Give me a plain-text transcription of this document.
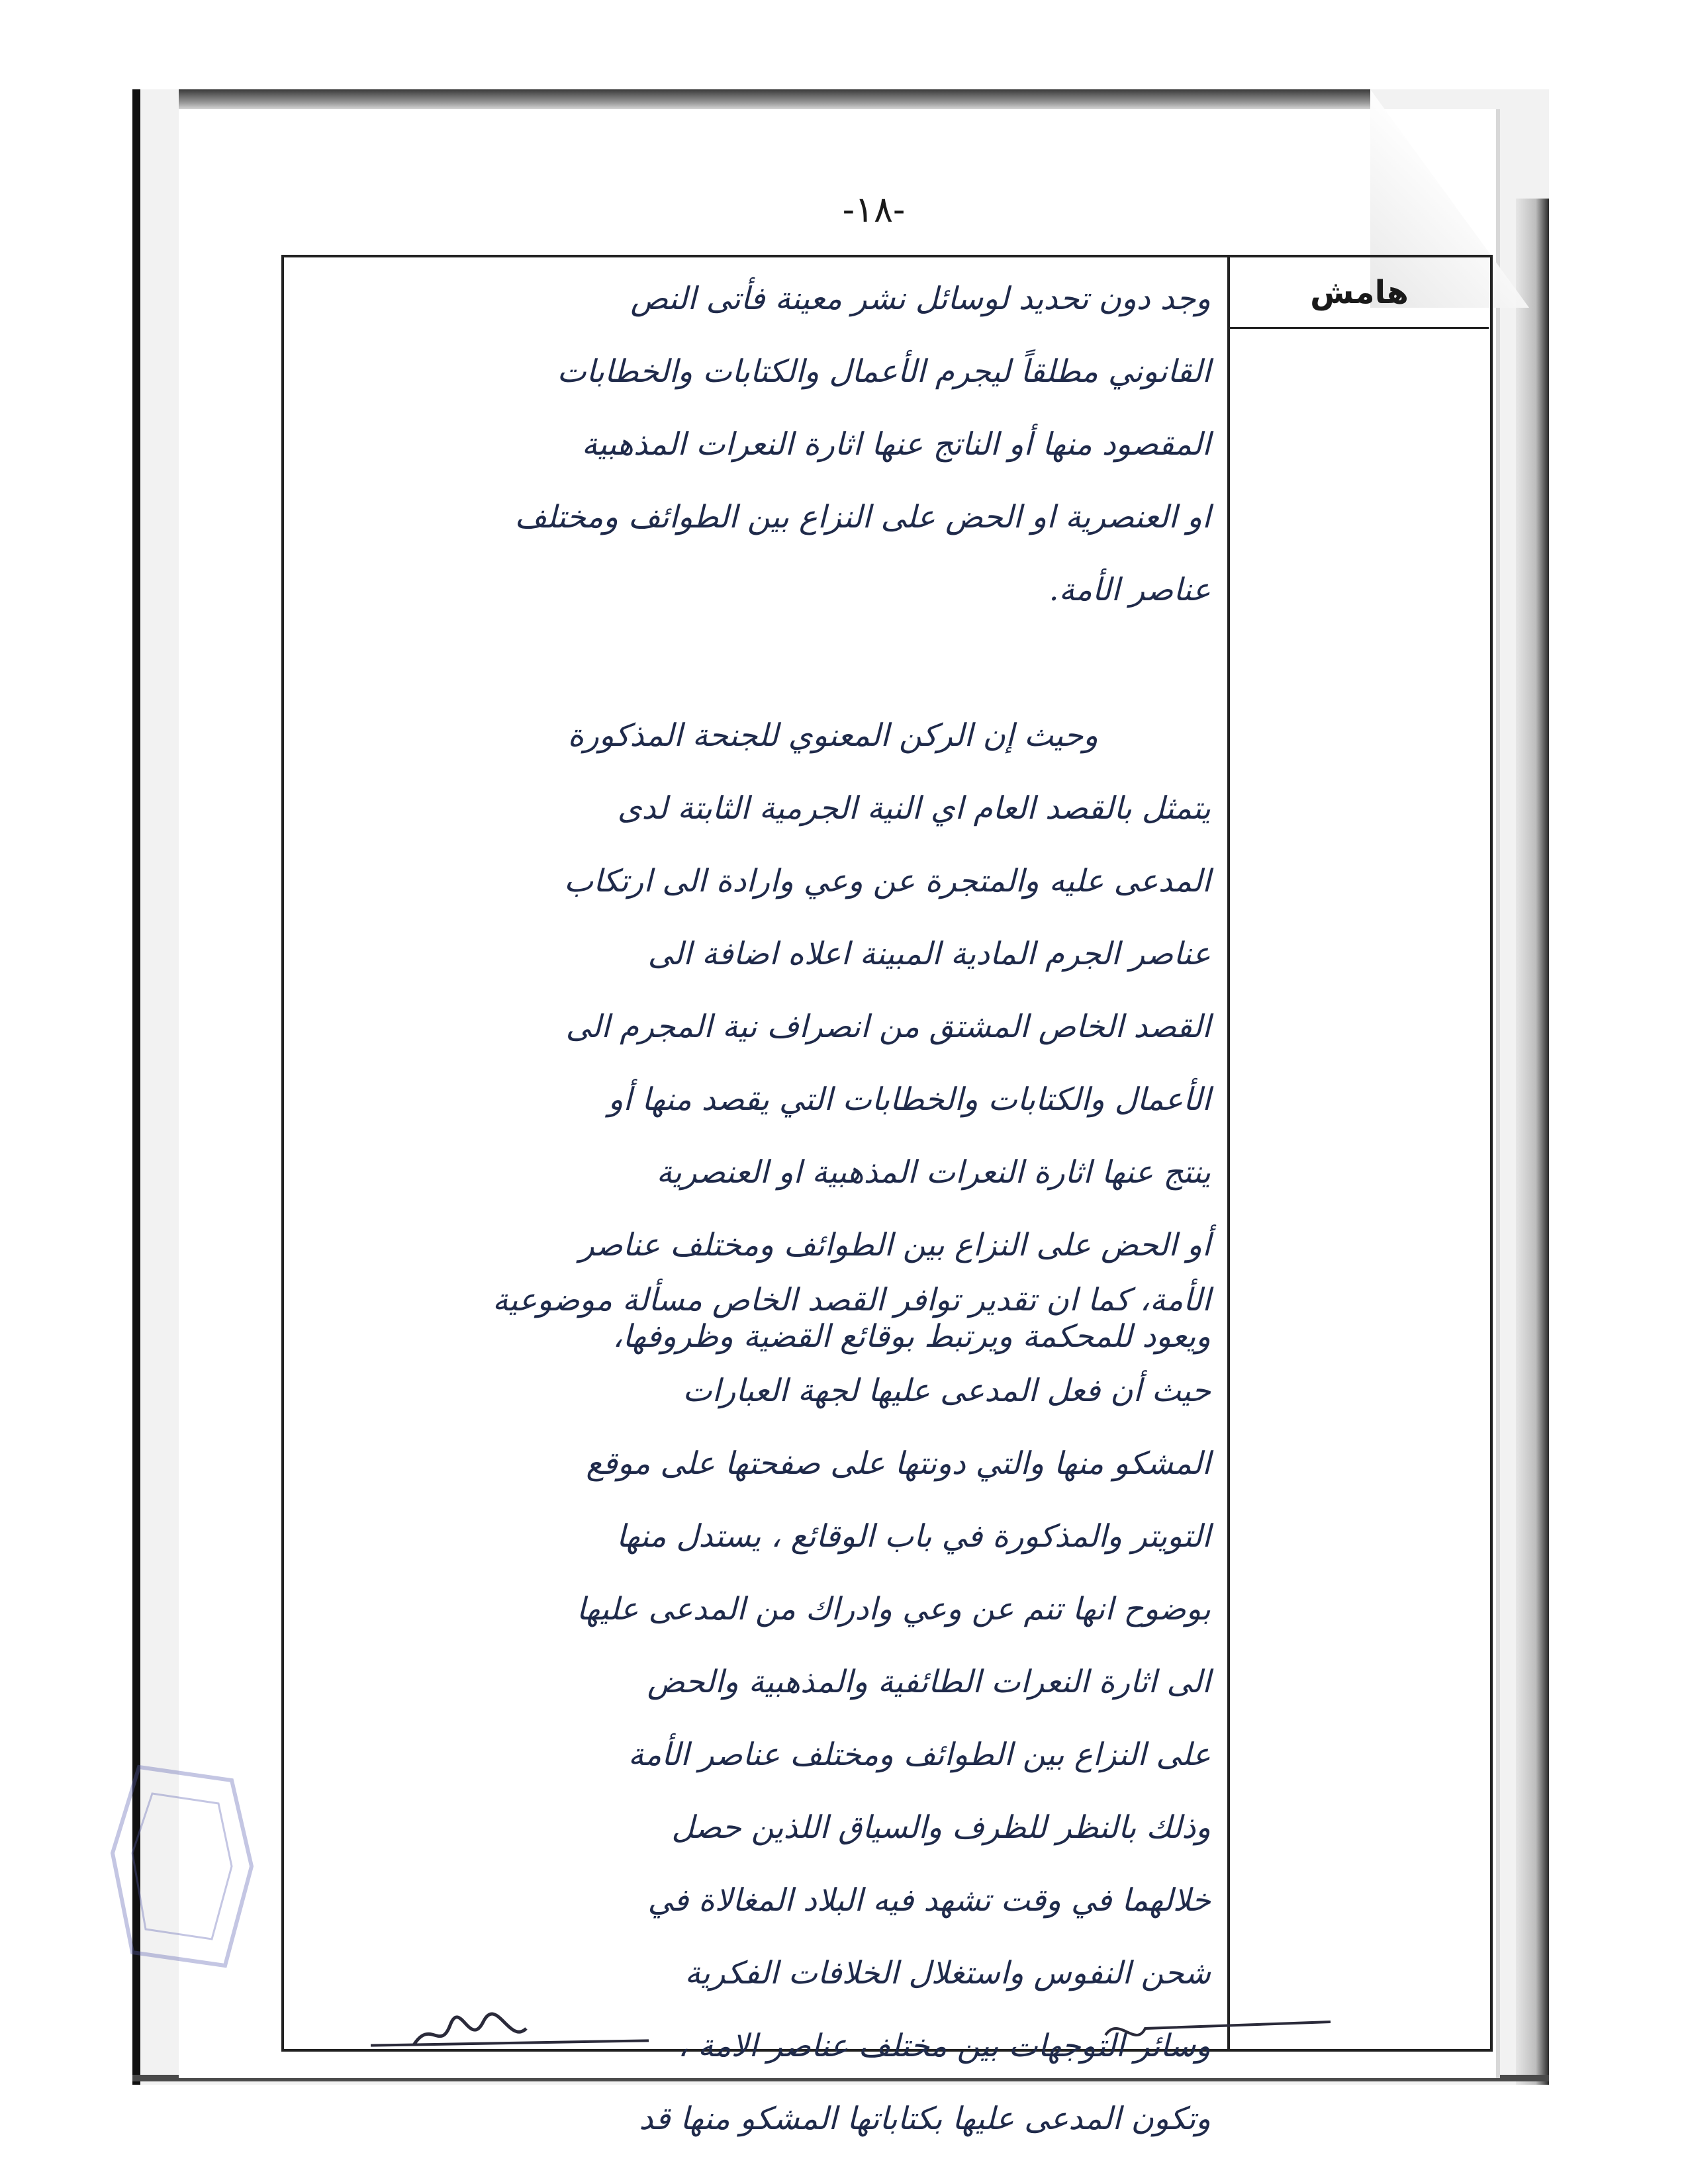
-١٨-
هامش
وجد دون تحديد لوسائل نشر معينة فأتى النص
القانوني مطلقاً ليجرم الأعمال والكتابات والخطابات
المقصود منها أو الناتج عنها اثارة النعرات المذهبية
او العنصرية او الحض على النزاع بين الطوائف ومختلف
عناصر الأمة.
وحيث إن الركن المعنوي للجنحة المذكورة
يتمثل بالقصد العام اي النية الجرمية الثابتة لدى
المدعى عليه والمتجرة عن وعي وارادة الى ارتكاب
عناصر الجرم المادية المبينة اعلاه اضافة الى
القصد الخاص المشتق من انصراف نية المجرم الى
الأعمال والكتابات والخطابات التي يقصد منها أو
ينتج عنها اثارة النعرات المذهبية او العنصرية
أو الحض على النزاع بين الطوائف ومختلف عناصر
الأمة، كما ان تقدير توافر القصد الخاص مسألة موضوعية
ويعود للمحكمة ويرتبط بوقائع القضية وظروفها،
حيث أن فعل المدعى عليها لجهة العبارات
المشكو منها والتي دونتها على صفحتها على موقع
التويتر والمذكورة في باب الوقائع ، يستدل منها
بوضوح انها تنم عن وعي وادراك من المدعى عليها
الى اثارة النعرات الطائفية والمذهبية والحض
على النزاع بين الطوائف ومختلف عناصر الأمة
وذلك بالنظر للظرف والسياق اللذين حصل
خلالهما في وقت تشهد فيه البلاد المغالاة في
شحن النفوس واستغلال الخلافات الفكرية
وسائر التوجهات بين مختلف عناصر الامة ،
وتكون المدعى عليها بكتاباتها المشكو منها قد
